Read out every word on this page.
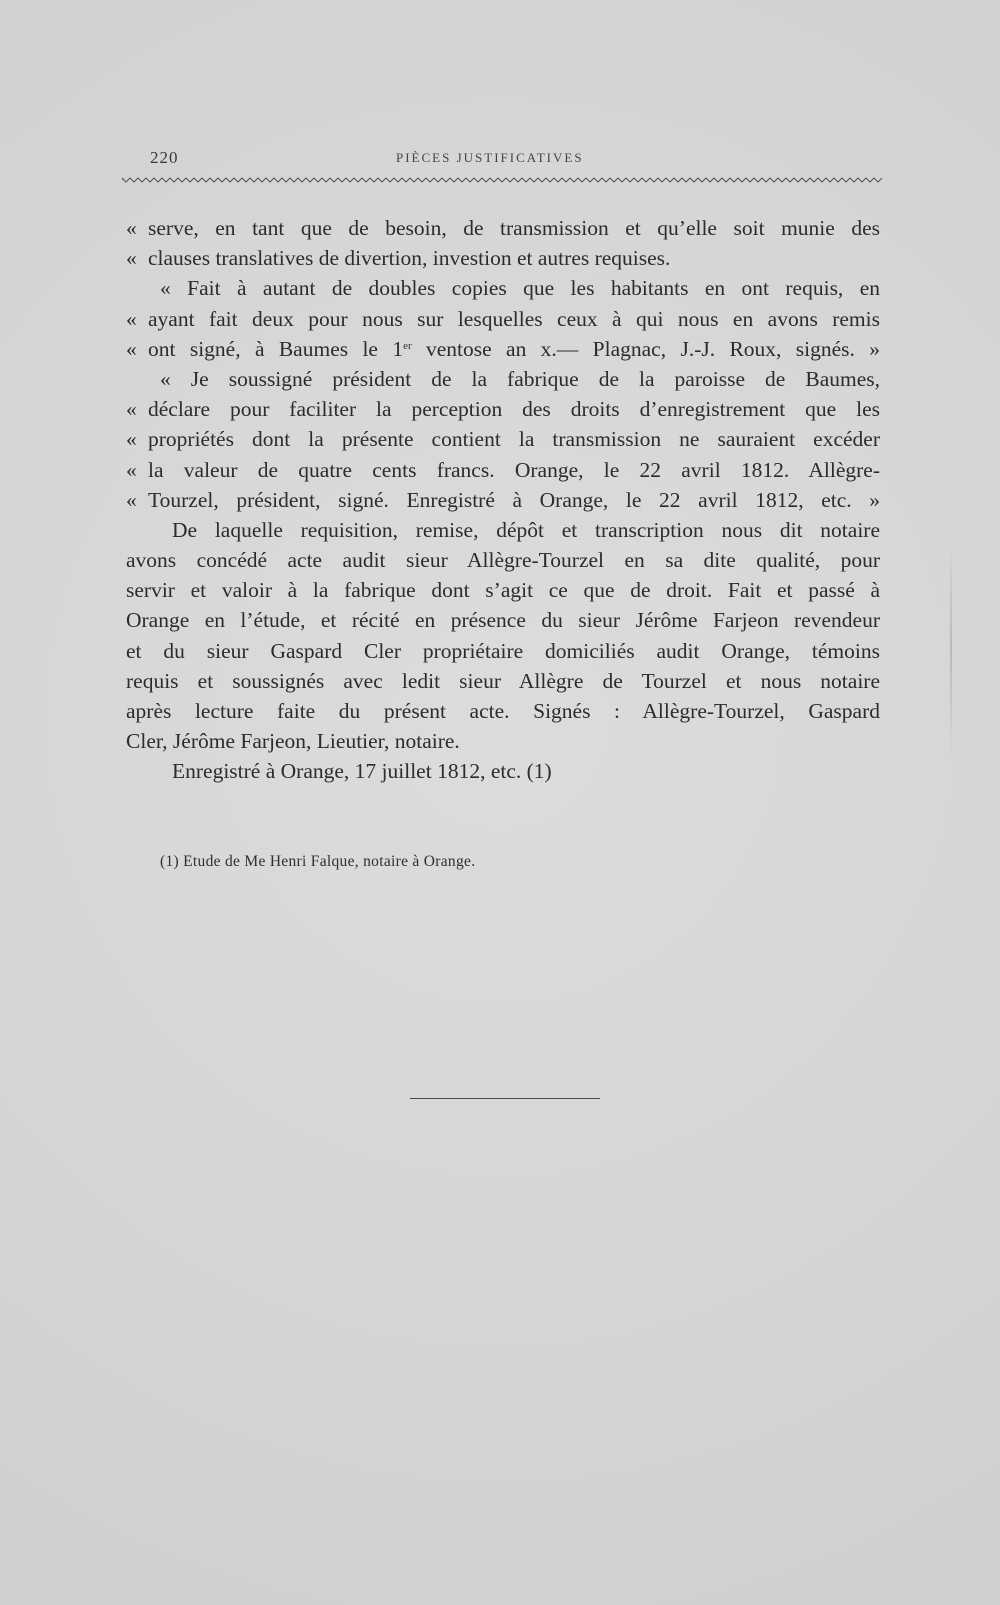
220	PIÈCES JUSTIFICATIVES
« serve, en tant que de besoin, de transmission et qu’elle soit munie des
« clauses translatives de divertion, investion et autres requises.
« Fait à autant de doubles copies que les habitants en ont requis, en
« ayant fait deux pour nous sur lesquelles ceux à qui nous en avons remis
« ont signé, à Baumes le 1er ventose an x.— Plagnac, J.-J. Roux, signés. »
« Je soussigné président de la fabrique de la paroisse de Baumes,
« déclare pour faciliter la perception des droits d’enregistrement que les
« propriétés dont la présente contient la transmission ne sauraient excéder
« la valeur de quatre cents francs. Orange, le 22 avril 1812. Allègre-
« Tourzel, président, signé. Enregistré à Orange, le 22 avril 1812, etc. »
De laquelle requisition, remise, dépôt et transcription nous dit notaire
avons concédé acte audit sieur Allègre-Tourzel en sa dite qualité, pour
servir et valoir à la fabrique dont s’agit ce que de droit. Fait et passé à
Orange en l’étude, et récité en présence du sieur Jérôme Farjeon revendeur
et du sieur Gaspard Cler propriétaire domiciliés audit Orange, témoins
requis et soussignés avec ledit sieur Allègre de Tourzel et nous notaire
après lecture faite du présent acte. Signés : Allègre-Tourzel, Gaspard
Cler, Jérôme Farjeon, Lieutier, notaire.
Enregistré à Orange, 17 juillet 1812, etc. (1)
(1) Etude de Me Henri Falque, notaire à Orange.
